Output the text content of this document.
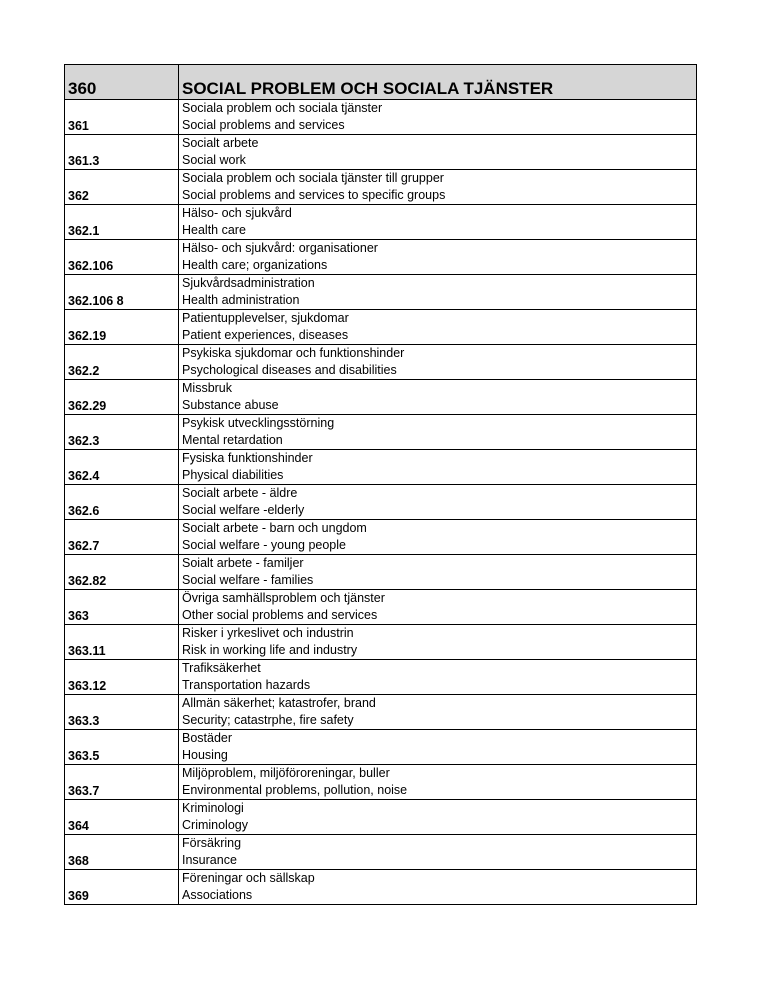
360	SOCIAL PROBLEM OCH SOCIALA TJÄNSTER
361	Sociala problem och sociala tjänster
Social problems and services

361.3	Socialt arbete
Social work

362	Sociala problem och sociala tjänster till grupper
Social problems and services to specific groups

362.1	Hälso- och sjukvård
Health care

362.106	Hälso- och sjukvård: organisationer
Health care; organizations

362.106 8	Sjukvårdsadministration
Health administration

362.19	Patientupplevelser, sjukdomar
Patient experiences, diseases

362.2	Psykiska sjukdomar och funktionshinder
Psychological diseases and disabilities

362.29	Missbruk
Substance abuse

362.3	Psykisk utvecklingsstörning
Mental retardation

362.4	Fysiska funktionshinder
Physical diabilities

362.6	Socialt arbete - äldre
Social welfare -elderly

362.7	Socialt arbete - barn och ungdom
Social welfare - young people

362.82	Soialt arbete - familjer
Social welfare - families

363	Övriga samhällsproblem och tjänster
Other social problems and services

363.11	Risker i yrkeslivet och industrin
Risk in working life and industry

363.12	Trafiksäkerhet
Transportation hazards

363.3	Allmän säkerhet; katastrofer, brand
Security; catastrphe, fire safety

363.5	Bostäder
Housing

363.7	Miljöproblem, miljöföroreningar, buller
Environmental problems, pollution, noise

364	Kriminologi
Criminology

368	Försäkring
Insurance

369	Föreningar och sällskap
Associations
